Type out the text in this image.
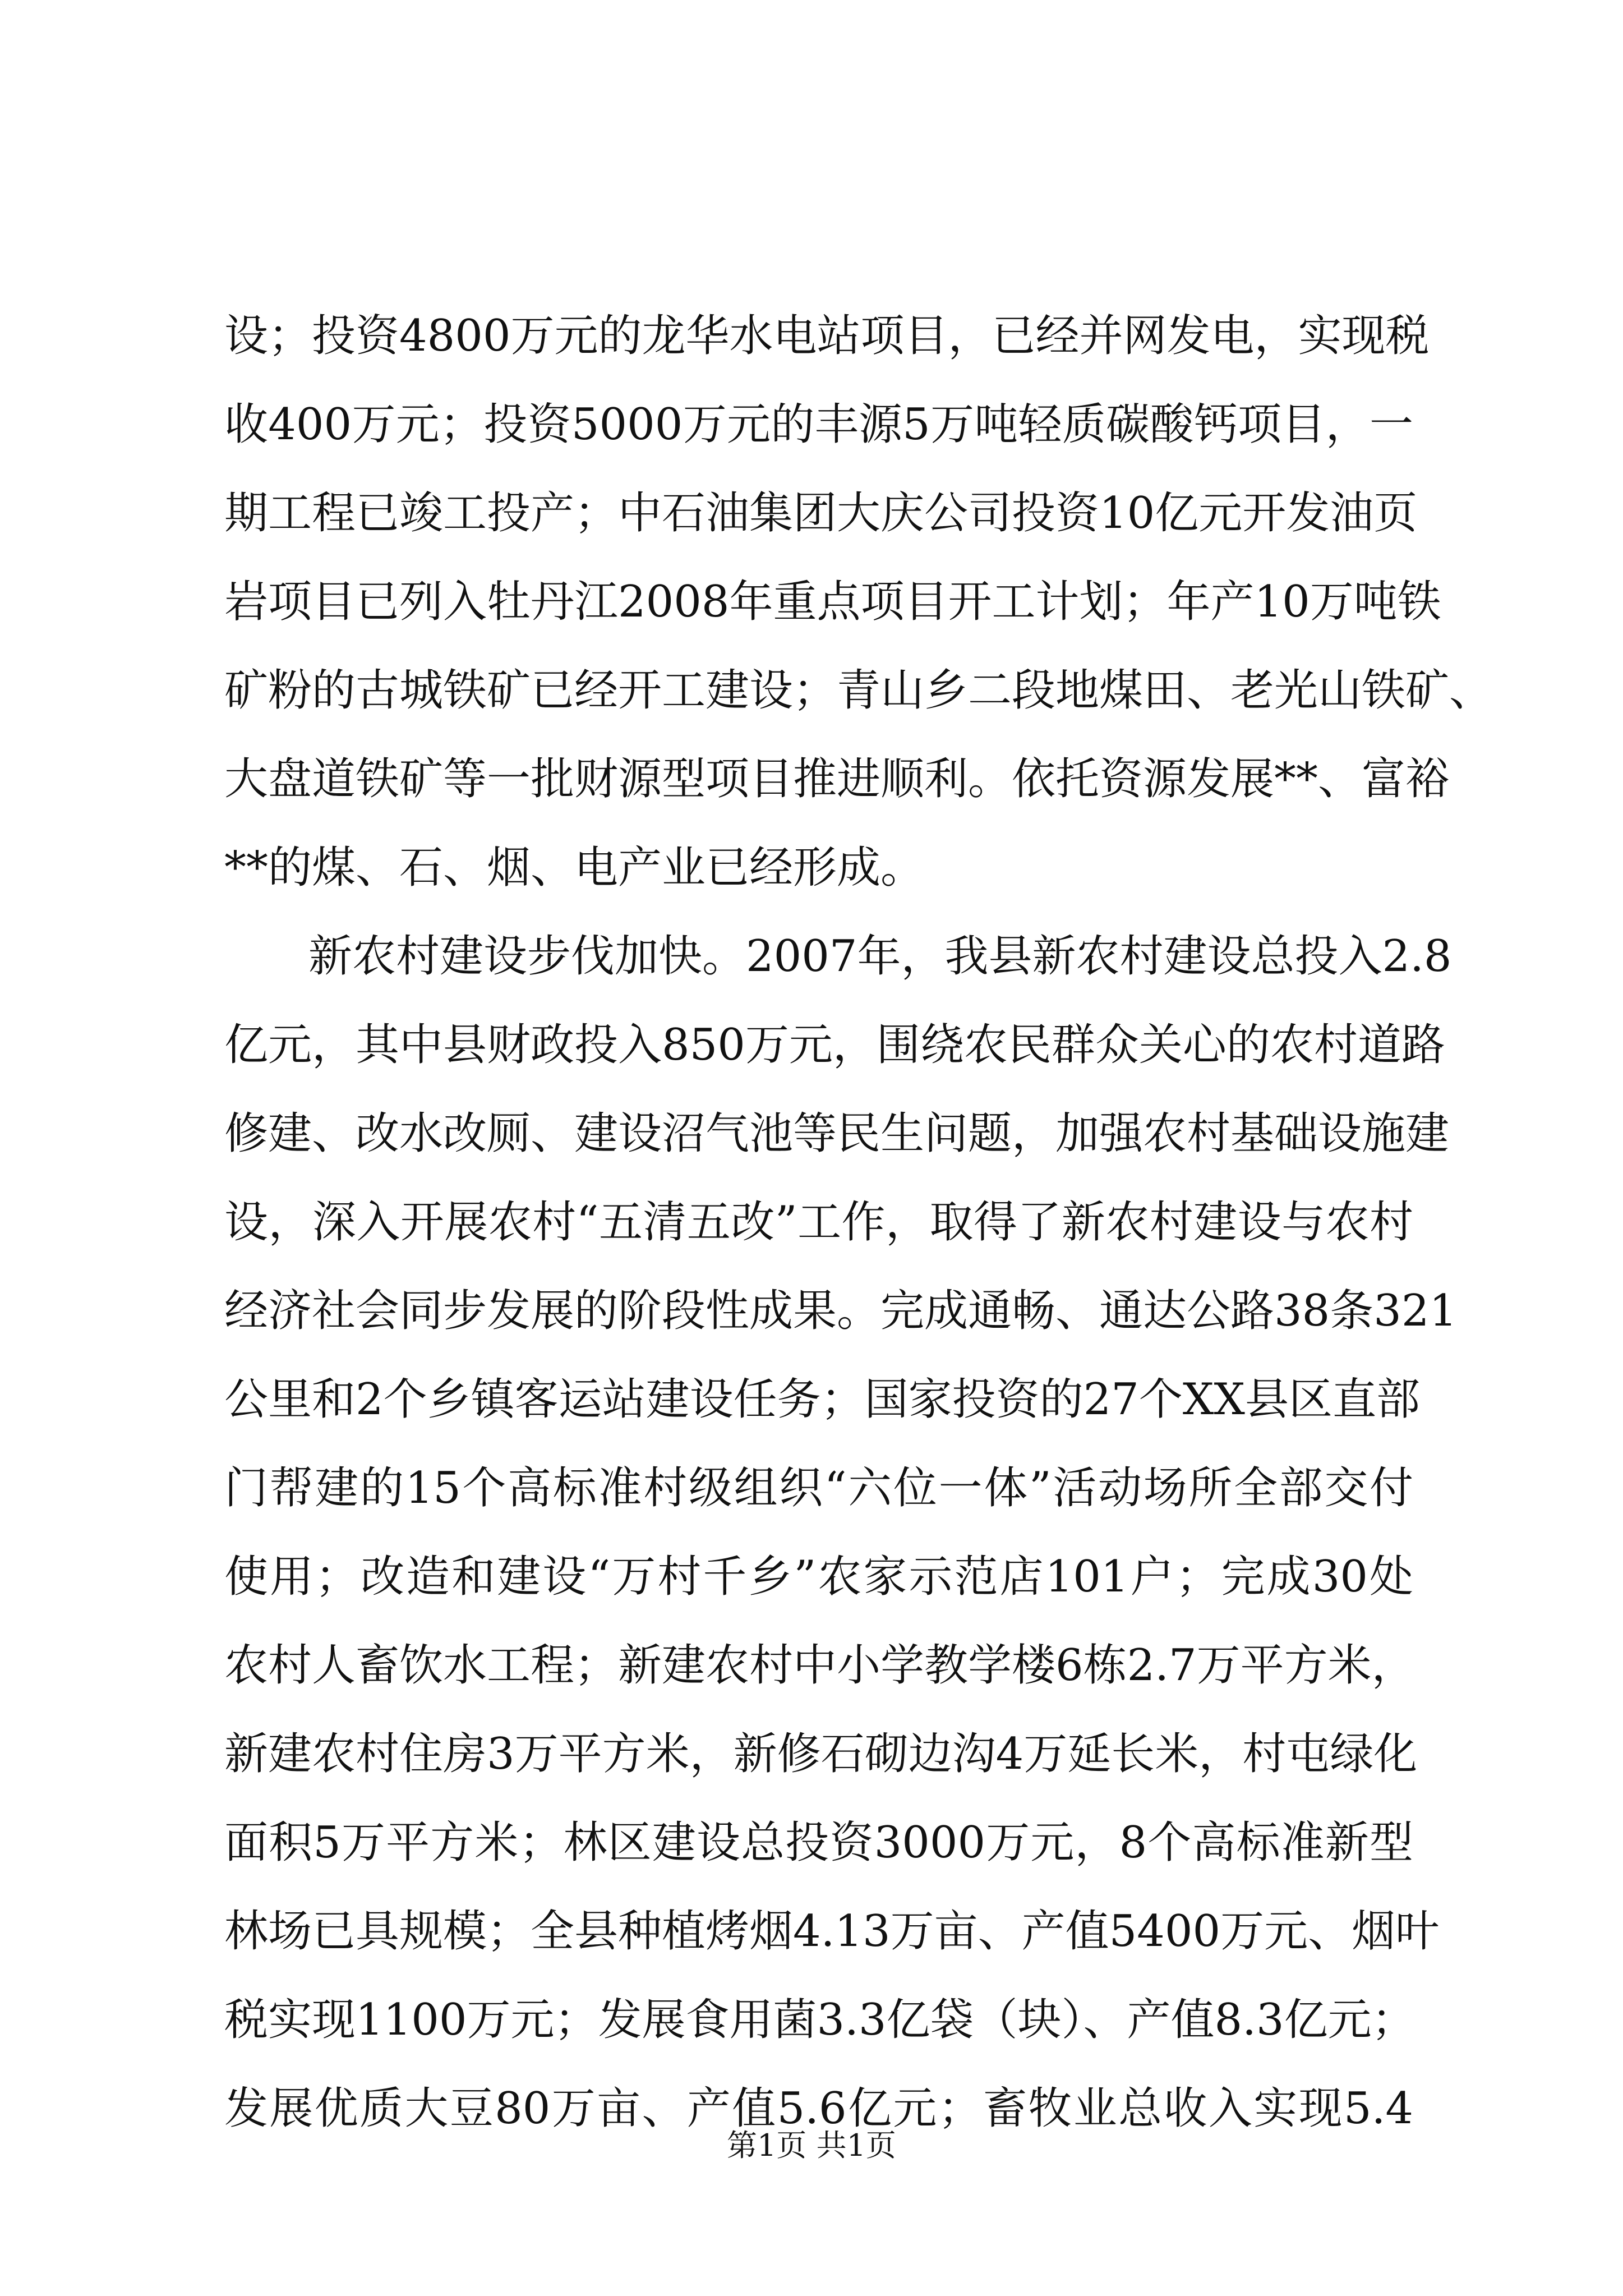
设；投资4800万元的龙华水电站项目，已经并网发电，实现税
收400万元；投资5000万元的丰源5万吨轻质碳酸钙项目，一
期工程已竣工投产；中石油集团大庆公司投资10亿元开发油页
岩项目已列入牡丹江2008年重点项目开工计划；年产10万吨铁
矿粉的古城铁矿已经开工建设；青山乡二段地煤田、老光山铁矿、
大盘道铁矿等一批财源型项目推进顺利。依托资源发展**、富裕
**的煤、石、烟、电产业已经形成。
新农村建设步伐加快。2007年，我县新农村建设总投入2.8
亿元，其中县财政投入850万元，围绕农民群众关心的农村道路
修建、改水改厕、建设沼气池等民生问题，加强农村基础设施建
设，深入开展农村“五清五改”工作，取得了新农村建设与农村
经济社会同步发展的阶段性成果。完成通畅、通达公路38条321
公里和2个乡镇客运站建设任务；国家投资的27个XX县区直部
门帮建的15个高标准村级组织“六位一体”活动场所全部交付
使用；改造和建设“万村千乡”农家示范店101户；完成30处
农村人畜饮水工程；新建农村中小学教学楼6栋2.7万平方米，
新建农村住房3万平方米，新修石砌边沟4万延长米，村屯绿化
面积5万平方米；林区建设总投资3000万元，8个高标准新型
林场已具规模；全县种植烤烟4.13万亩、产值5400万元、烟叶
税实现1100万元；发展食用菌3.3亿袋（块）、产值8.3亿元；
发展优质大豆80万亩、产值5.6亿元；畜牧业总收入实现5.4
第1页 共1页
